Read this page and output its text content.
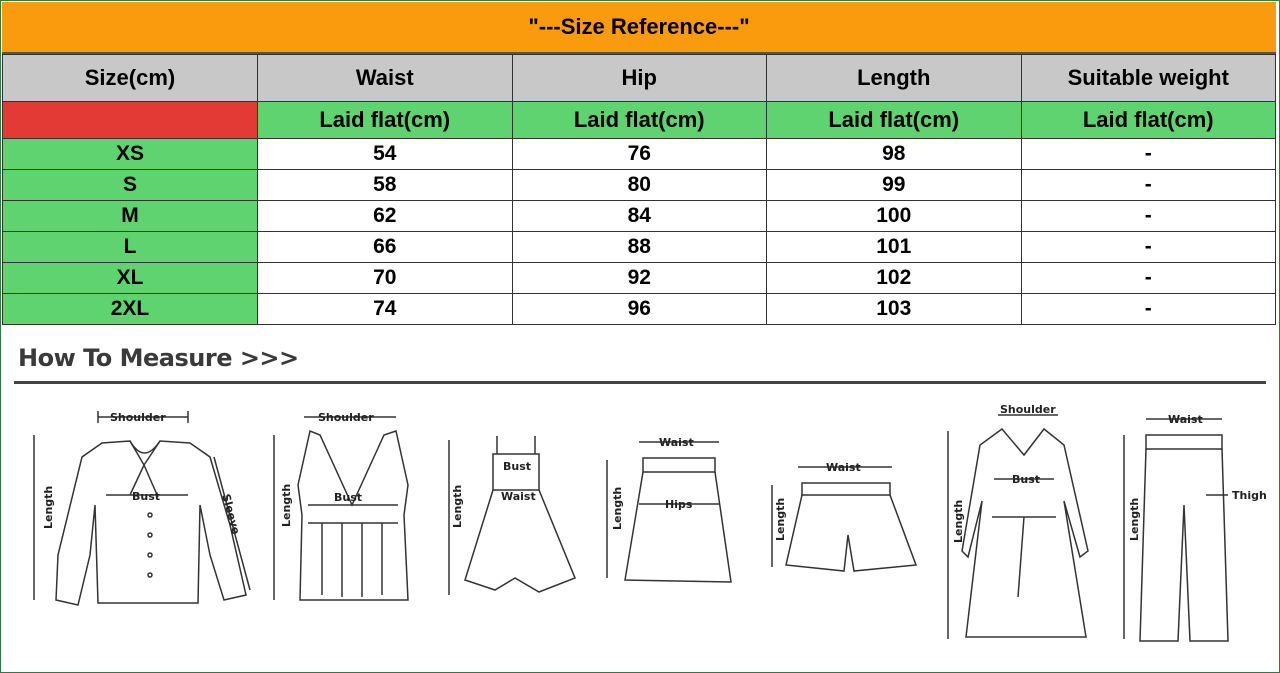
"---Size Reference---"
Size(cm)	Waist	Hip	Length	Suitable weight
	Laid flat(cm)	Laid flat(cm)	Laid flat(cm)	Laid flat(cm)
XS	54	76	98	-
S	58	80	99	-
M	62	84	100	-
L	66	88	101	-
XL	70	92	102	-
2XL	74	96	103	-
How To Measure >>>
Shoulder
Bust
Length	Sleeve
Shoulder
Bust
Length
Bust
Waist
Length
Waist
Hips
Length
Waist
Length
Shoulder
Bust
Length
Waist
Thigh
Length
